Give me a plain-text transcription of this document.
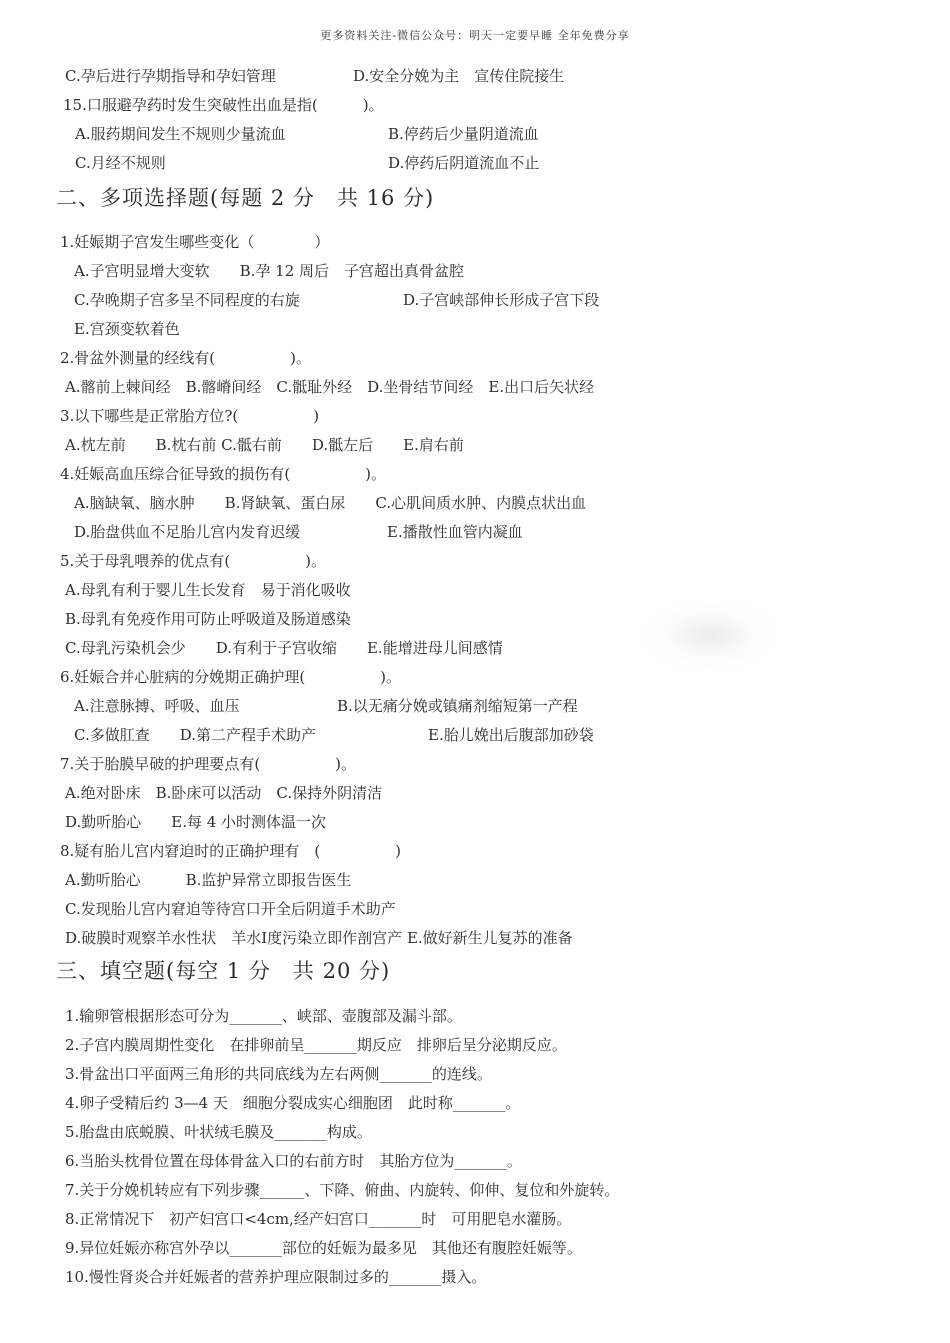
更多资料关注-微信公众号：明天一定要早睡 全年免费分享
C.孕后进行孕期指导和孕妇管理	D.安全分娩为主　宣传住院接生
15.口服避孕药时发生突破性出血是指(　　　)。
A.服药期间发生不规则少量流血	B.停药后少量阴道流血
C.月经不规则	D.停药后阴道流血不止
二、多项选择题(每题 2 分　共 16 分)
1.妊娠期子宫发生哪些变化（　　　　）
A.子宫明显增大变软　　B.孕 12 周后　子宫超出真骨盆腔
C.孕晚期子宫多呈不同程度的右旋	D.子宫峡部伸长形成子宫下段
E.宫颈变软着色
2.骨盆外测量的经线有(　　　　　)。
A.髂前上棘间经　B.髂嵴间经　C.骶耻外经　D.坐骨结节间经　E.出口后矢状经
3.以下哪些是正常胎方位?(　　　　　)
A.枕左前　　B.枕右前 C.骶右前　　D.骶左后　　E.肩右前
4.妊娠高血压综合征导致的损伤有(　　　　　)。
A.脑缺氧、脑水肿　　B.肾缺氧、蛋白尿　　C.心肌间质水肿、内膜点状出血
D.胎盘供血不足胎儿宫内发育迟缓	E.播散性血管内凝血
5.关于母乳喂养的优点有(　　　　　)。
A.母乳有利于婴儿生长发育　易于消化吸收
B.母乳有免疫作用可防止呼吸道及肠道感染
C.母乳污染机会少　　D.有利于子宫收缩　　E.能增进母儿间感情
6.妊娠合并心脏病的分娩期正确护理(　　　　　)。
A.注意脉搏、呼吸、血压	B.以无痛分娩或镇痛剂缩短第一产程
C.多做肛查　　D.第二产程手术助产	E.胎儿娩出后腹部加砂袋
7.关于胎膜早破的护理要点有(　　　　　)。
A.绝对卧床　B.卧床可以活动　C.保持外阴清洁
D.勤听胎心　　E.每 4 小时测体温一次
8.疑有胎儿宫内窘迫时的正确护理有　(　　　　　)
A.勤听胎心　　　B.监护异常立即报告医生
C.发现胎儿宫内窘迫等待宫口开全后阴道手术助产
D.破膜时观察羊水性状　羊水Ⅰ度污染立即作剖宫产 E.做好新生儿复苏的准备
三、填空题(每空 1 分　共 20 分)
1.输卵管根据形态可分为_______、峡部、壶腹部及漏斗部。
2.子宫内膜周期性变化　在排卵前呈_______期反应　排卵后呈分泌期反应。
3.骨盆出口平面两三角形的共同底线为左右两侧_______的连线。
4.卵子受精后约 3—4 天　细胞分裂成实心细胞团　此时称_______。
5.胎盘由底蜕膜、叶状绒毛膜及_______构成。
6.当胎头枕骨位置在母体骨盆入口的右前方时　其胎方位为_______。
7.关于分娩机转应有下列步骤______、下降、俯曲、内旋转、仰伸、复位和外旋转。
8.正常情况下　初产妇宫口<4cm,经产妇宫口_______时　可用肥皂水灌肠。
9.异位妊娠亦称宫外孕以_______部位的妊娠为最多见　其他还有腹腔妊娠等。
10.慢性肾炎合并妊娠者的营养护理应限制过多的_______摄入。
